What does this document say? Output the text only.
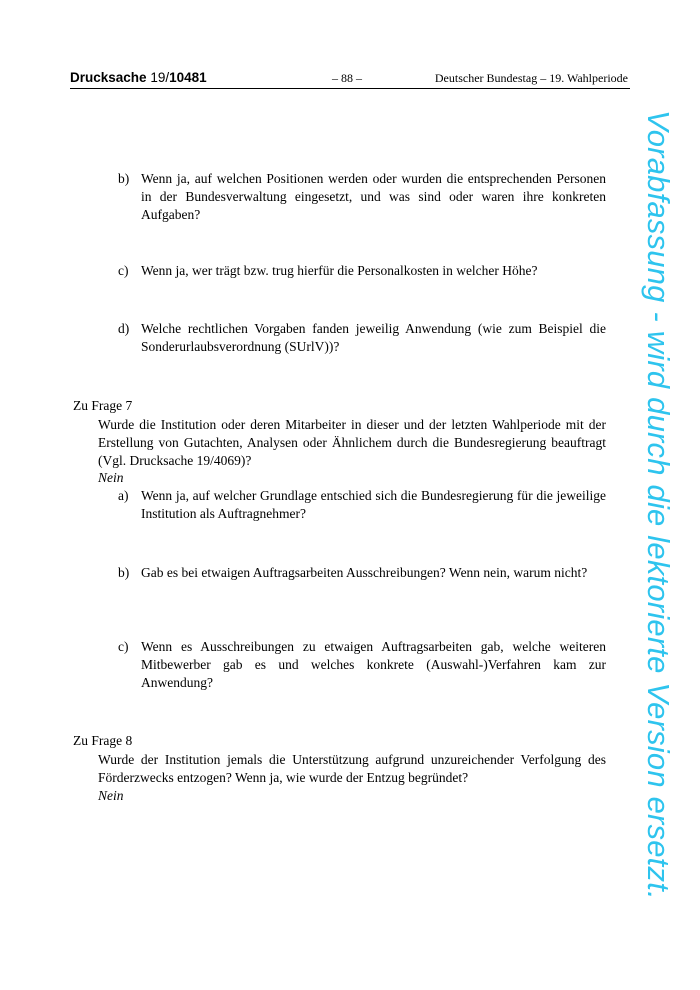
Drucksache 19/10481	– 88 –	Deutscher Bundestag – 19. Wahlperiode
Vorabfassung - wird durch die lektorierte Version ersetzt.
b) Wenn ja, auf welchen Positionen werden oder wurden die entsprechenden Personen in der Bundesverwaltung eingesetzt, und was sind oder waren ihre konkreten Aufgaben?
c) Wenn ja, wer trägt bzw. trug hierfür die Personalkosten in welcher Höhe?
d) Welche rechtlichen Vorgaben fanden jeweilig Anwendung (wie zum Beispiel die Sonderurlaubsverordnung (SUrlV))?
Zu Frage 7
Wurde die Institution oder deren Mitarbeiter in dieser und der letzten Wahlperiode mit der Erstellung von Gutachten, Analysen oder Ähnlichem durch die Bundesregierung beauftragt (Vgl. Drucksache 19/4069)?
Nein
a) Wenn ja, auf welcher Grundlage entschied sich die Bundesregierung für die jeweilige Institution als Auftragnehmer?
b) Gab es bei etwaigen Auftragsarbeiten Ausschreibungen? Wenn nein, warum nicht?
c) Wenn es Ausschreibungen zu etwaigen Auftragsarbeiten gab, welche weiteren Mitbewerber gab es und welches konkrete (Auswahl-)Verfahren kam zur Anwendung?
Zu Frage 8
Wurde der Institution jemals die Unterstützung aufgrund unzureichender Verfolgung des Förderzwecks entzogen? Wenn ja, wie wurde der Entzug begründet?
Nein
